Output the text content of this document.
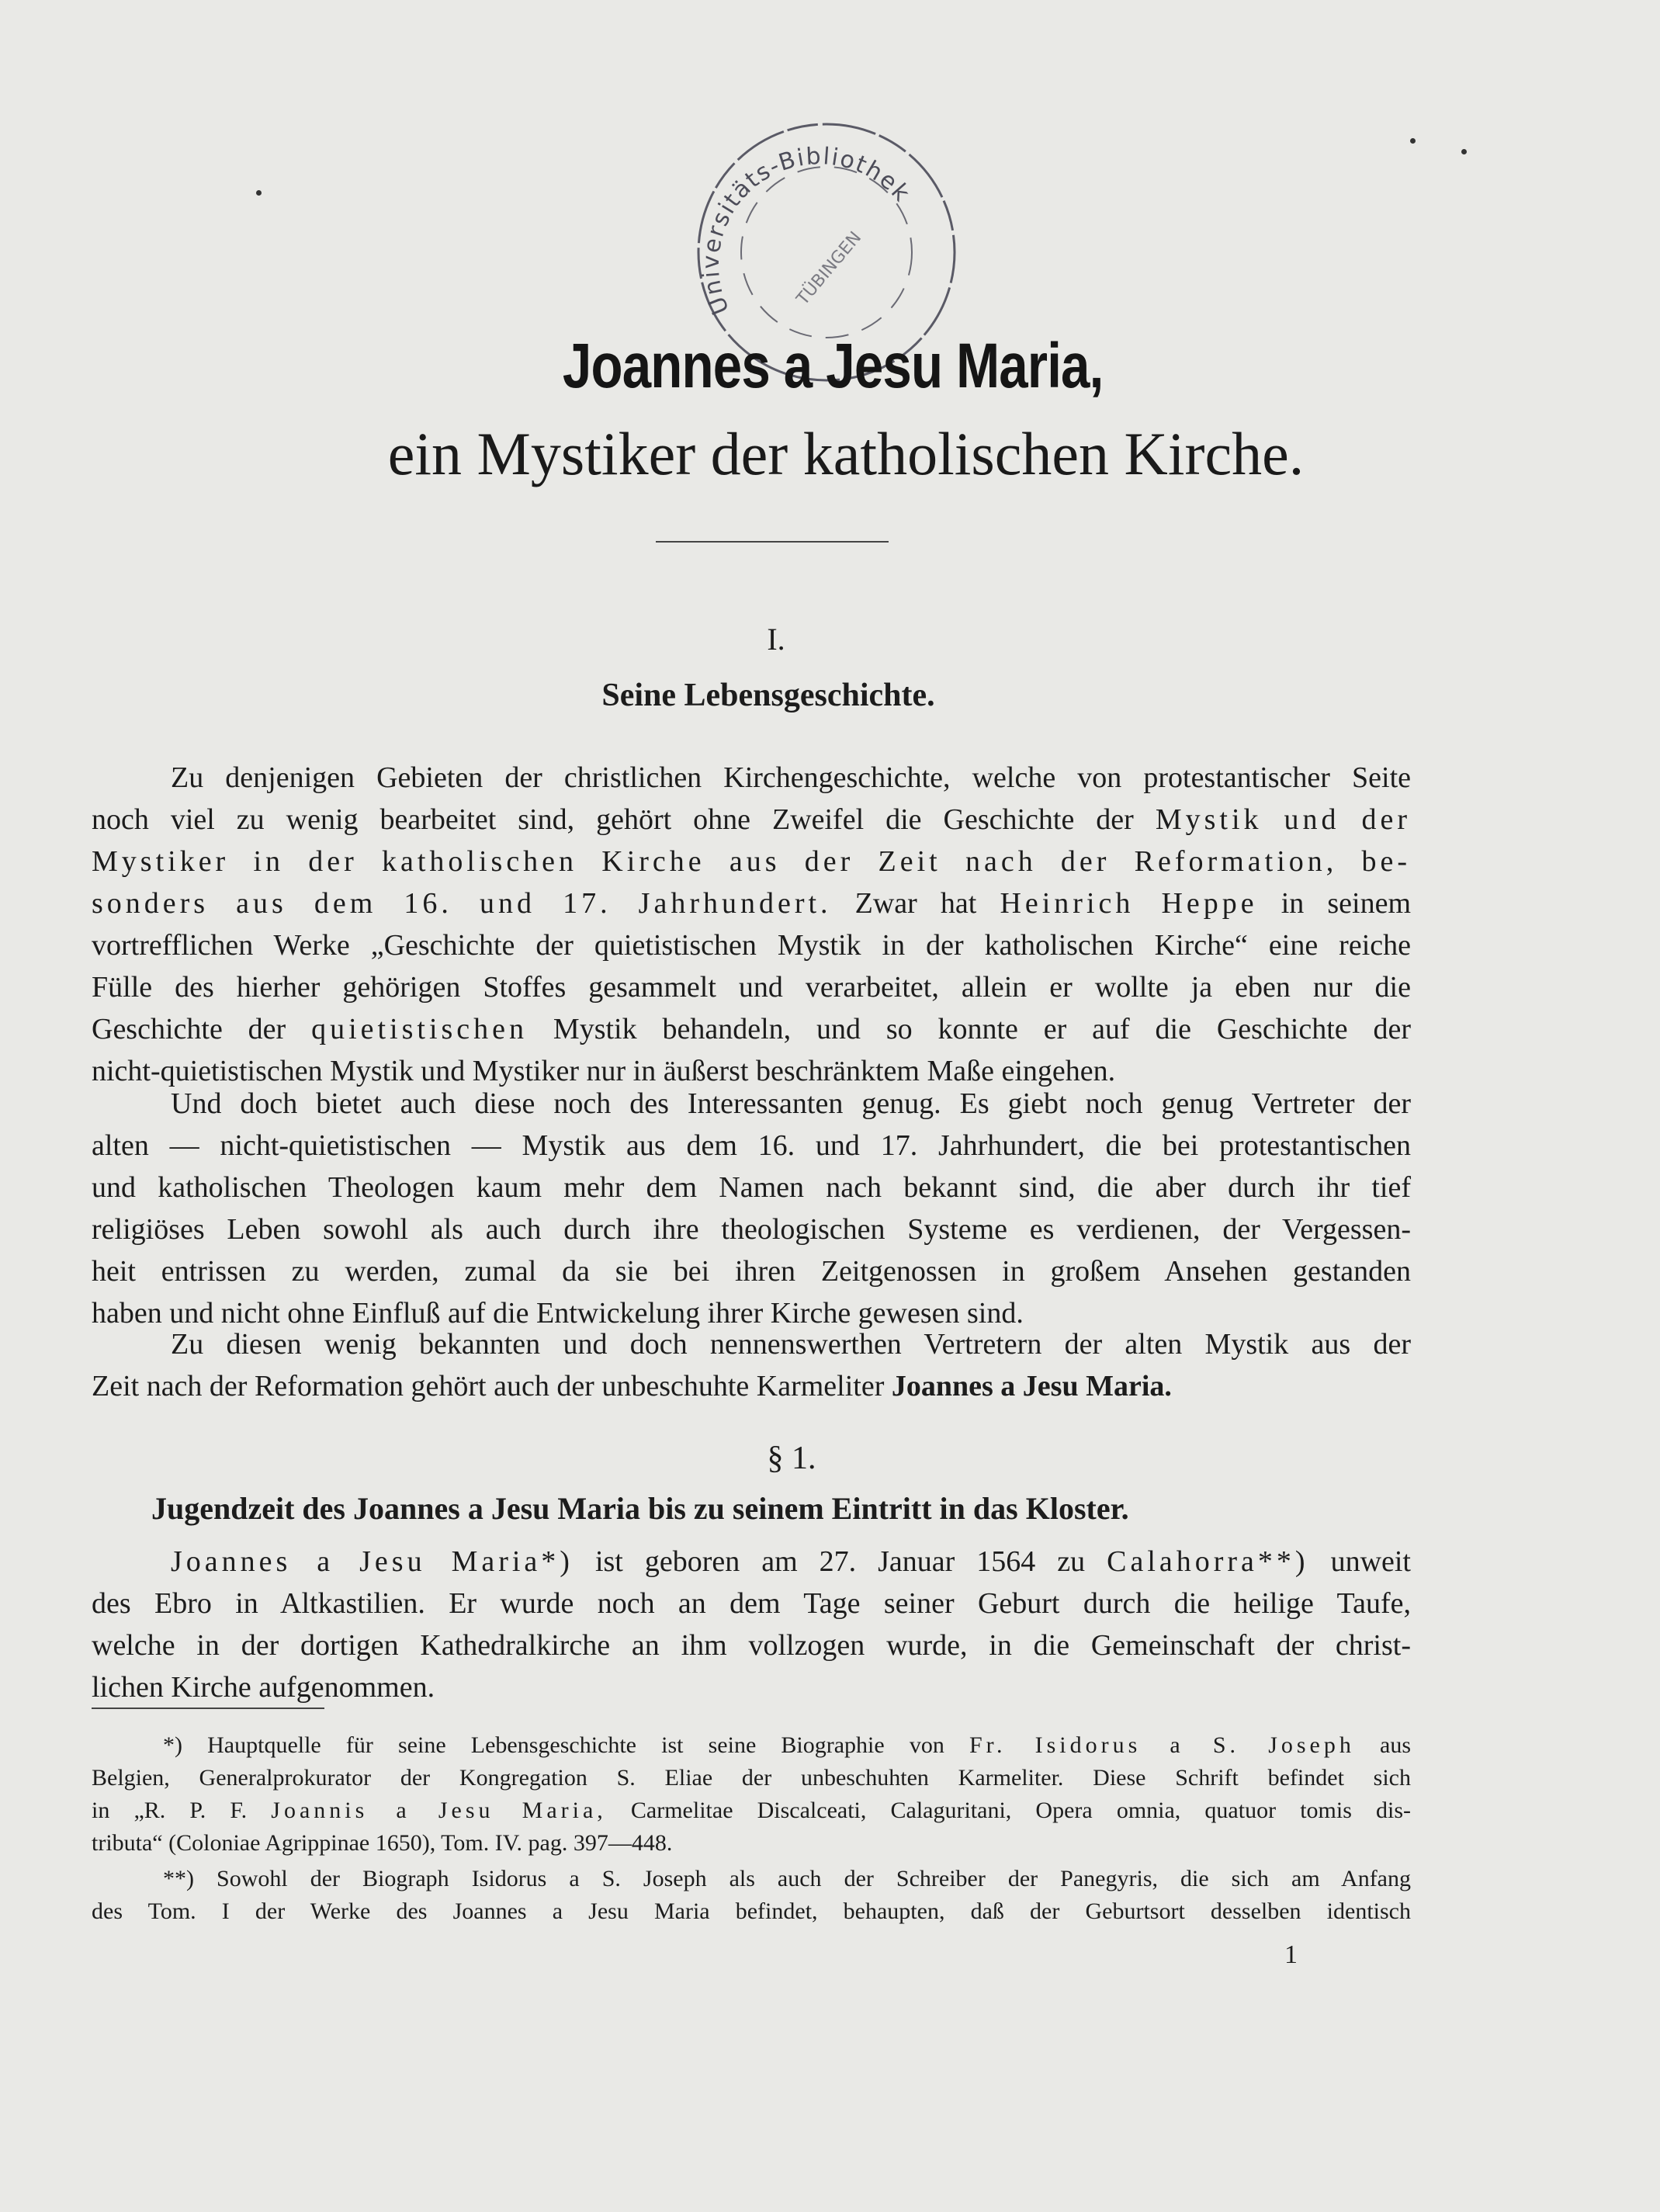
Universitäts-Bibliothek
TÜBINGEN
Joannes a Jesu Maria,
ein Mystiker der katholischen Kirche.
I.
Seine Lebensgeschichte.
Zu denjenigen Gebieten der christlichen Kirchengeschichte, welche von protestantischer Seite
noch viel zu wenig bearbeitet sind, gehört ohne Zweifel die Geschichte der Mystik und der
Mystiker in der katholischen Kirche aus der Zeit nach der Reformation, be-
sonders aus dem 16. und 17. Jahrhundert. Zwar hat Heinrich Heppe in seinem
vortrefflichen Werke „Geschichte der quietistischen Mystik in der katholischen Kirche“ eine reiche
Fülle des hierher gehörigen Stoffes gesammelt und verarbeitet, allein er wollte ja eben nur die
Geschichte der quietistischen Mystik behandeln, und so konnte er auf die Geschichte der
nicht-quietistischen Mystik und Mystiker nur in äußerst beschränktem Maße eingehen.
Und doch bietet auch diese noch des Interessanten genug. Es giebt noch genug Vertreter der
alten — nicht-quietistischen — Mystik aus dem 16. und 17. Jahrhundert, die bei protestantischen
und katholischen Theologen kaum mehr dem Namen nach bekannt sind, die aber durch ihr tief
religiöses Leben sowohl als auch durch ihre theologischen Systeme es verdienen, der Vergessen-
heit entrissen zu werden, zumal da sie bei ihren Zeitgenossen in großem Ansehen gestanden
haben und nicht ohne Einfluß auf die Entwickelung ihrer Kirche gewesen sind.
Zu diesen wenig bekannten und doch nennenswerthen Vertretern der alten Mystik aus der
Zeit nach der Reformation gehört auch der unbeschuhte Karmeliter Joannes a Jesu Maria.
§ 1.
Jugendzeit des Joannes a Jesu Maria bis zu seinem Eintritt in das Kloster.
Joannes a Jesu Maria*) ist geboren am 27. Januar 1564 zu Calahorra**) unweit
des Ebro in Altkastilien. Er wurde noch an dem Tage seiner Geburt durch die heilige Taufe,
welche in der dortigen Kathedralkirche an ihm vollzogen wurde, in die Gemeinschaft der christ-
lichen Kirche aufgenommen.
*) Hauptquelle für seine Lebensgeschichte ist seine Biographie von Fr. Isidorus a S. Joseph aus
Belgien, Generalprokurator der Kongregation S. Eliae der unbeschuhten Karmeliter. Diese Schrift befindet sich
in „R. P. F. Joannis a Jesu Maria, Carmelitae Discalceati, Calaguritani, Opera omnia, quatuor tomis dis-
tributa“ (Coloniae Agrippinae 1650), Tom. IV. pag. 397—448.
**) Sowohl der Biograph Isidorus a S. Joseph als auch der Schreiber der Panegyris, die sich am Anfang
des Tom. I der Werke des Joannes a Jesu Maria befindet, behaupten, daß der Geburtsort desselben identisch
1
